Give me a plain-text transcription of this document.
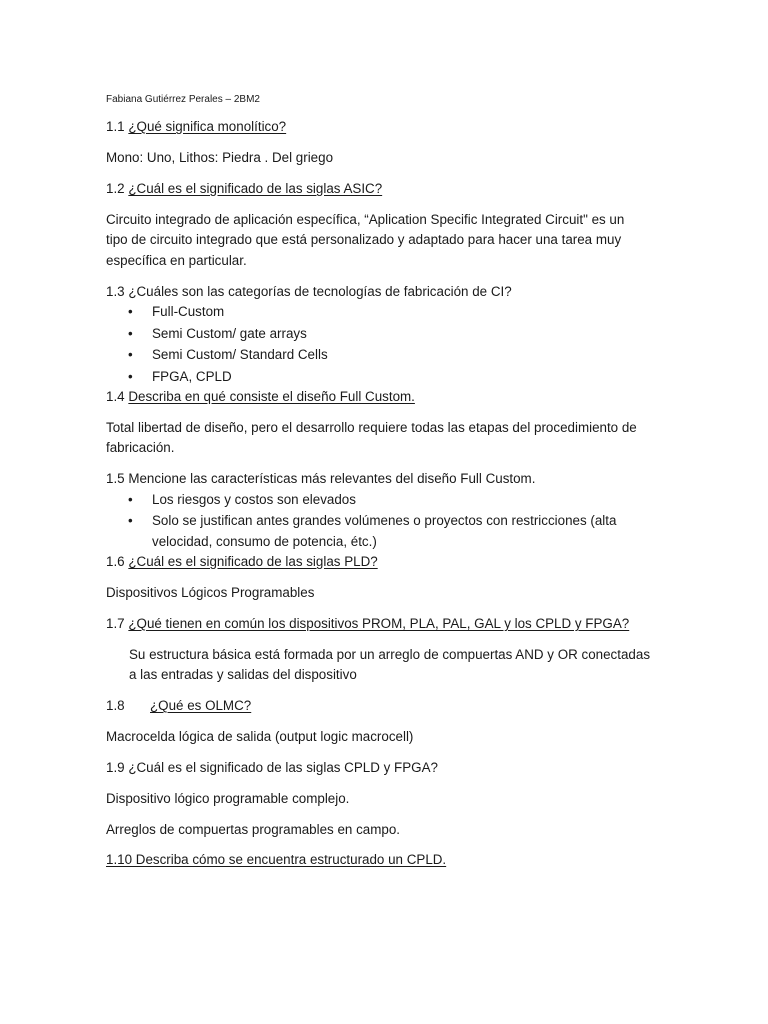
Fabiana Gutiérrez Perales – 2BM2
1.1 ¿Qué significa monolítico?
Mono: Uno, Lithos: Piedra . Del griego
1.2 ¿Cuál es el significado de las siglas ASIC?
Circuito integrado de aplicación específica, “Aplication Specific Integrated Circuit" es un
tipo de circuito integrado que está personalizado y adaptado para hacer una tarea muy
específica en particular.
1.3 ¿Cuáles son las categorías de tecnologías de fabricación de CI?
•	Full-Custom
•	Semi Custom/ gate arrays
•	Semi Custom/ Standard Cells
•	FPGA, CPLD
1.4 Describa en qué consiste el diseño Full Custom.
Total libertad de diseño, pero el desarrollo requiere todas las etapas del procedimiento de
fabricación.
1.5 Mencione las características más relevantes del diseño Full Custom.
•	Los riesgos y costos son elevados
•	Solo se justifican antes grandes volúmenes o proyectos con restricciones (alta
velocidad, consumo de potencia, étc.)
1.6 ¿Cuál es el significado de las siglas PLD?
Dispositivos Lógicos Programables
1.7 ¿Qué tienen en común los dispositivos PROM, PLA, PAL, GAL y los CPLD y FPGA?
Su estructura básica está formada por un arreglo de compuertas AND y OR conectadas
a las entradas y salidas del dispositivo
1.8 ¿Qué es OLMC?
Macrocelda lógica de salida (output logic macrocell)
1.9 ¿Cuál es el significado de las siglas CPLD y FPGA?
Dispositivo lógico programable complejo.
Arreglos de compuertas programables en campo.
1.10 Describa cómo se encuentra estructurado un CPLD.
